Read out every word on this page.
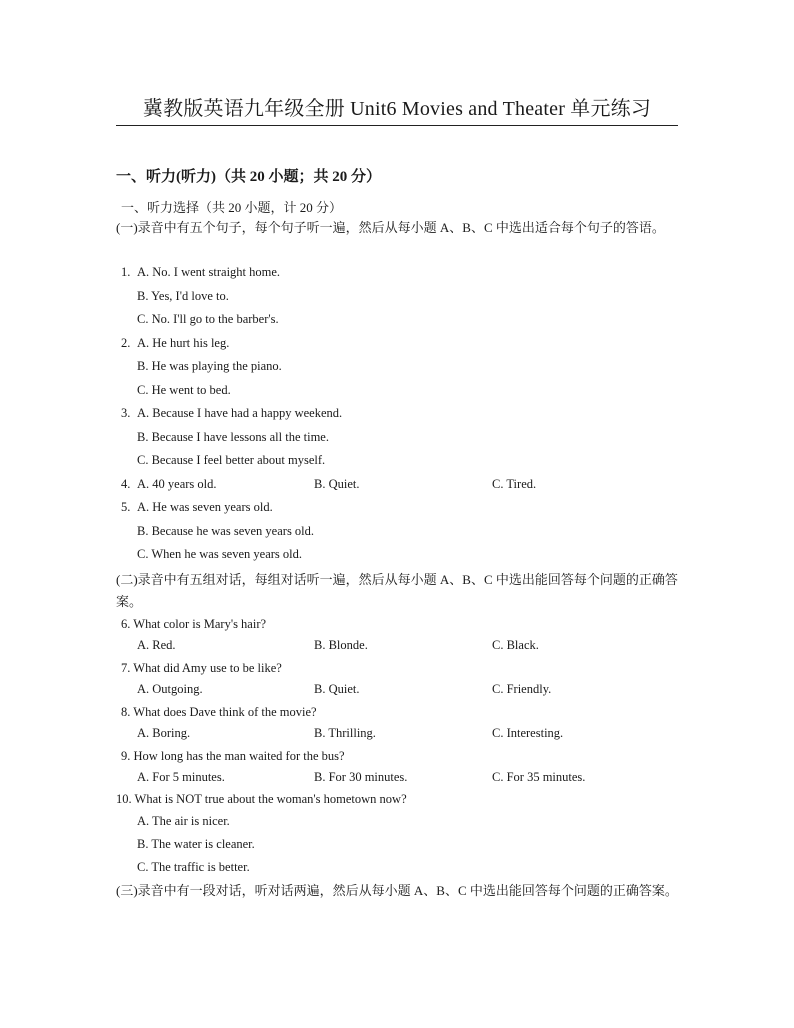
冀教版英语九年级全册 Unit6 Movies and Theater 单元练习
一、听力(听力)（共 20 小题；共 20 分）
一、听力选择（共 20 小题，计 20 分）
(一)录音中有五个句子，每个句子听一遍，然后从每小题 A、B、C 中选出适合每个句子的答语。
1. A. No. I went straight home.
B. Yes, I'd love to.
C. No. I'll go to the barber's.
2. A. He hurt his leg.
B. He was playing the piano.
C. He went to bed.
3. A. Because I have had a happy weekend.
B. Because I have lessons all the time.
C. Because I feel better about myself.
4. A. 40 years old.	B. Quiet.	C. Tired.
5. A. He was seven years old.
B. Because he was seven years old.
C. When he was seven years old.
(二)录音中有五组对话，每组对话听一遍，然后从每小题 A、B、C 中选出能回答每个问题的正确答案。
6. What color is Mary's hair?
A. Red.	B. Blonde.	C. Black.
7. What did Amy use to be like?
A. Outgoing.	B. Quiet.	C. Friendly.
8. What does Dave think of the movie?
A. Boring.	B. Thrilling.	C. Interesting.
9. How long has the man waited for the bus?
A. For 5 minutes.	B. For 30 minutes.	C. For 35 minutes.
10. What is NOT true about the woman's hometown now?
A. The air is nicer.
B. The water is cleaner.
C. The traffic is better.
(三)录音中有一段对话，听对话两遍，然后从每小题 A、B、C 中选出能回答每个问题的正确答案。
